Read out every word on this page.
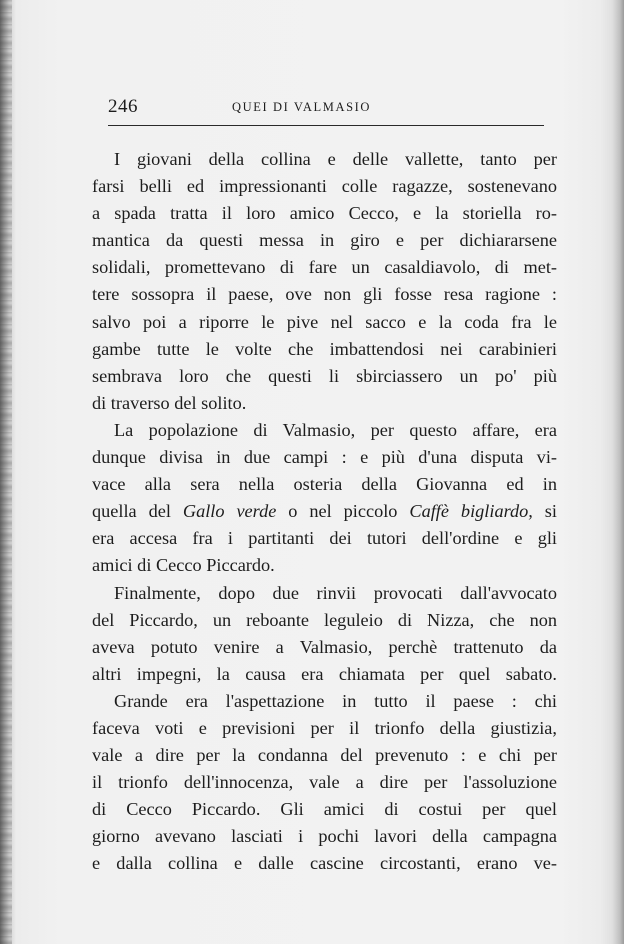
246	QUEI DI VALMASIO
I giovani della collina e delle vallette, tanto per
farsi belli ed impressionanti colle ragazze, sostenevano
a spada tratta il loro amico Cecco, e la storiella ro-
mantica da questi messa in giro e per dichiararsene
solidali, promettevano di fare un casaldiavolo, di met-
tere sossopra il paese, ove non gli fosse resa ragione :
salvo poi a riporre le pive nel sacco e la coda fra le
gambe tutte le volte che imbattendosi nei carabinieri
sembrava loro che questi li sbirciassero un po' più
di traverso del solito.
La popolazione di Valmasio, per questo affare, era
dunque divisa in due campi : e più d'una disputa vi-
vace alla sera nella osteria della Giovanna ed in
quella del Gallo verde o nel piccolo Caffè bigliardo, si
era accesa fra i partitanti dei tutori dell'ordine e gli
amici di Cecco Piccardo.
Finalmente, dopo due rinvii provocati dall'avvocato
del Piccardo, un reboante leguleio di Nizza, che non
aveva potuto venire a Valmasio, perchè trattenuto da
altri impegni, la causa era chiamata per quel sabato.
Grande era l'aspettazione in tutto il paese : chi
faceva voti e previsioni per il trionfo della giustizia,
vale a dire per la condanna del prevenuto : e chi per
il trionfo dell'innocenza, vale a dire per l'assoluzione
di Cecco Piccardo. Gli amici di costui per quel
giorno avevano lasciati i pochi lavori della campagna
e dalla collina e dalle cascine circostanti, erano ve-
